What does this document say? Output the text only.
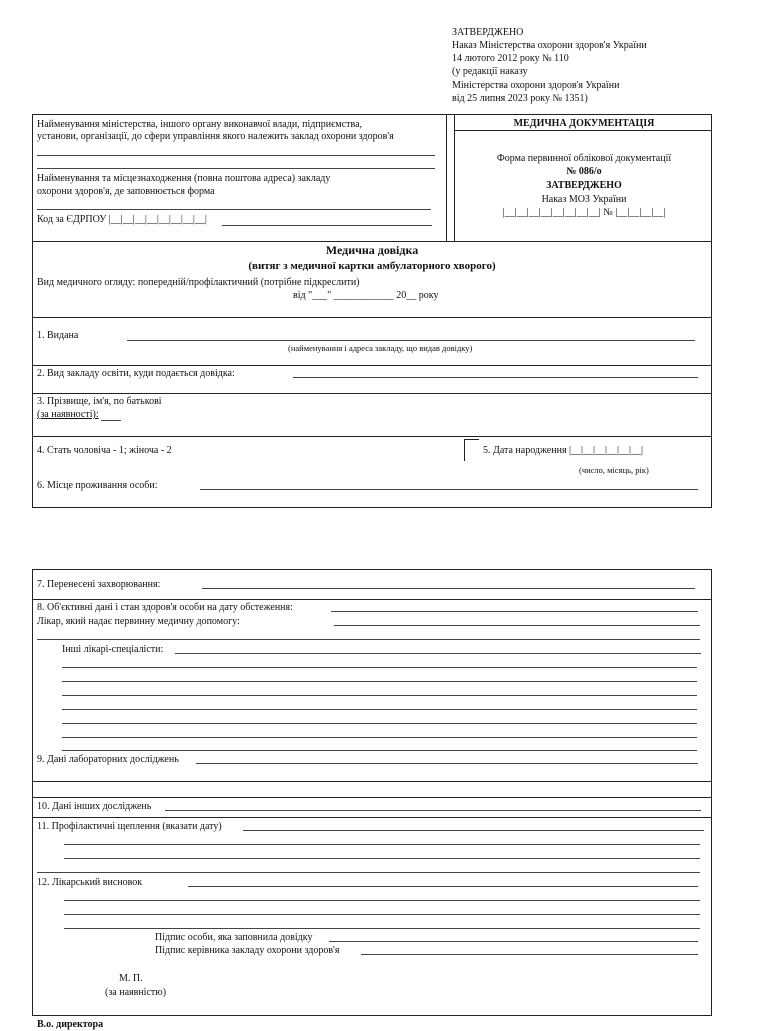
ЗАТВЕРДЖЕНО
Наказ Міністерства охорони здоров'я України
14 лютого 2012 року № 110
(у редакції наказу
Міністерства охорони здоров'я України
від 25 липня 2023 року № 1351)
Найменування міністерства, іншого органу виконавчої влади, підприємства,
установи, організації, до сфери управління якого належить заклад охорони здоров'я
Найменування та місцезнаходження (повна поштова адреса) закладу
охорони здоров'я, де заповнюється форма
Код за ЄДРПОУ |__|__|__|__|__|__|__|__|
МЕДИЧНА ДОКУМЕНТАЦІЯ
Форма первинної облікової документації
№ 086/о
ЗАТВЕРДЖЕНО
Наказ МОЗ України
|__|__|__|__|__|__|__|__| № |__|__|__|__|
Медична довідка
(витяг з медичної картки амбулаторного хворого)
Вид медичного огляду: попередній/профілактичний (потрібне підкреслити)
від "___" ____________ 20__ року
1. Видана
(найменування і адреса закладу, що видав довідку)
2. Вид закладу освіти, куди подається довідка:
3. Прізвище, ім'я, по батькові
(за наявності):
4. Стать чоловіча - 1; жіноча - 2	5. Дата народження |__|__|__|__|__|__|
(число, місяць, рік)
6. Місце проживання особи:
7. Перенесені захворювання:
8. Об'єктивні дані і стан здоров'я особи на дату обстеження:
Лікар, який надає первинну медичну допомогу:
Інші лікарі-спеціалісти:
9. Дані лабораторних досліджень
10. Дані інших досліджень
11. Профілактичні щеплення (вказати дату)
12. Лікарський висновок
Підпис особи, яка заповнила довідку
Підпис керівника закладу охорони здоров'я
М. П.
(за наявністю)
В.о. директора
